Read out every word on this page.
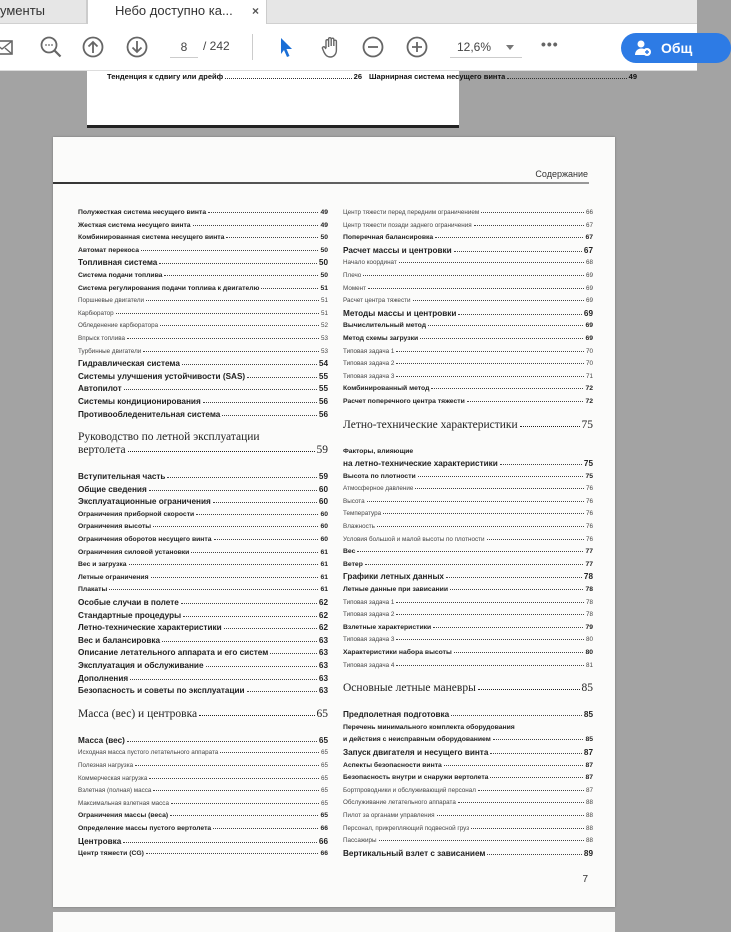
ументы	Небо доступно ка... ×
8
/ 242	12,6%	•••	Общ
Тенденция к сдвигу или дрейф	26 Шарнирная система несущего винта	49
Содержание
Полужесткая система несущего винта	49
Жесткая система несущего винта	49
Комбинированная система несущего винта	50
Автомат перекоса	50
Топливная система	50
Система подачи топлива	50
Система регулирования подачи топлива к двигателю	51
Поршневые двигатели	51
Карбюратор	51
Обледенение карбюратора	52
Впрыск топлива	53
Турбинные двигатели	53
Гидравлическая система	54
Системы улучшения устойчивости (SAS)	55
Автопилот	55
Системы кондиционирования	56
Противообледенительная система	56
Руководство по летной эксплуатации
вертолета	59
Вступительная часть	59
Общие сведения	60
Эксплуатационные ограничения	60
Ограничения приборной скорости	60
Ограничения высоты	60
Ограничения оборотов несущего винта	60
Ограничения силовой установки	61
Вес и загрузка	61
Летные ограничения	61
Плакаты	61
Особые случаи в полете	62
Стандартные процедуры	62
Летно-технические характеристики	62
Вес и балансировка	63
Описание летательного аппарата и его систем	63
Эксплуатация и обслуживание	63
Дополнения	63
Безопасность и советы по эксплуатации	63
Масса (вес) и центровка	65
Масса (вес)	65
Исходная масса пустого летательного аппарата	65
Полезная нагрузка	65
Коммерческая нагрузка	65
Взлетная (полная) масса	65
Максимальная взлетная масса	65
Ограничения массы (веса)	65
Определение массы пустого вертолета	66
Центровка	66
Центр тяжести (CG)	66
Центр тяжести перед передним ограничением	66
Центр тяжести позади заднего ограничения	67
Поперечная балансировка	67
Расчет массы и центровки	67
Начало координат	68
Плечо	69
Момент	69
Расчет центра тяжести	69
Методы массы и центровки	69
Вычислительный метод	69
Метод схемы загрузки	69
Типовая задача 1	70
Типовая задача 2	70
Типовая задача 3	71
Комбинированный метод	72
Расчет поперечного центра тяжести	72
Летно-технические характеристики	75
Факторы, влияющие
на летно-технические характеристики	75
Высота по плотности	75
Атмосферное давление	76
Высота	76
Температура	76
Влажность	76
Условия большой и малой высоты по плотности	76
Вес	77
Ветер	77
Графики летных данных	78
Летные данные при зависании	78
Типовая задача 1	78
Типовая задача 2	78
Взлетные характеристики	79
Типовая задача 3	80
Характеристики набора высоты	80
Типовая задача 4	81
Основные летные маневры	85
Предполетная подготовка	85
Перечень минимального комплекта оборудования
и действия с неисправным оборудованием	85
Запуск двигателя и несущего винта	87
Аспекты безопасности винта	87
Безопасность внутри и снаружи вертолета	87
Бортпроводники и обслуживающий персонал	87
Обслуживание летательного аппарата	88
Пилот за органами управления	88
Персонал, прикрепляющий подвесной груз	88
Пассажиры	88
Вертикальный взлет с зависанием	89
7
